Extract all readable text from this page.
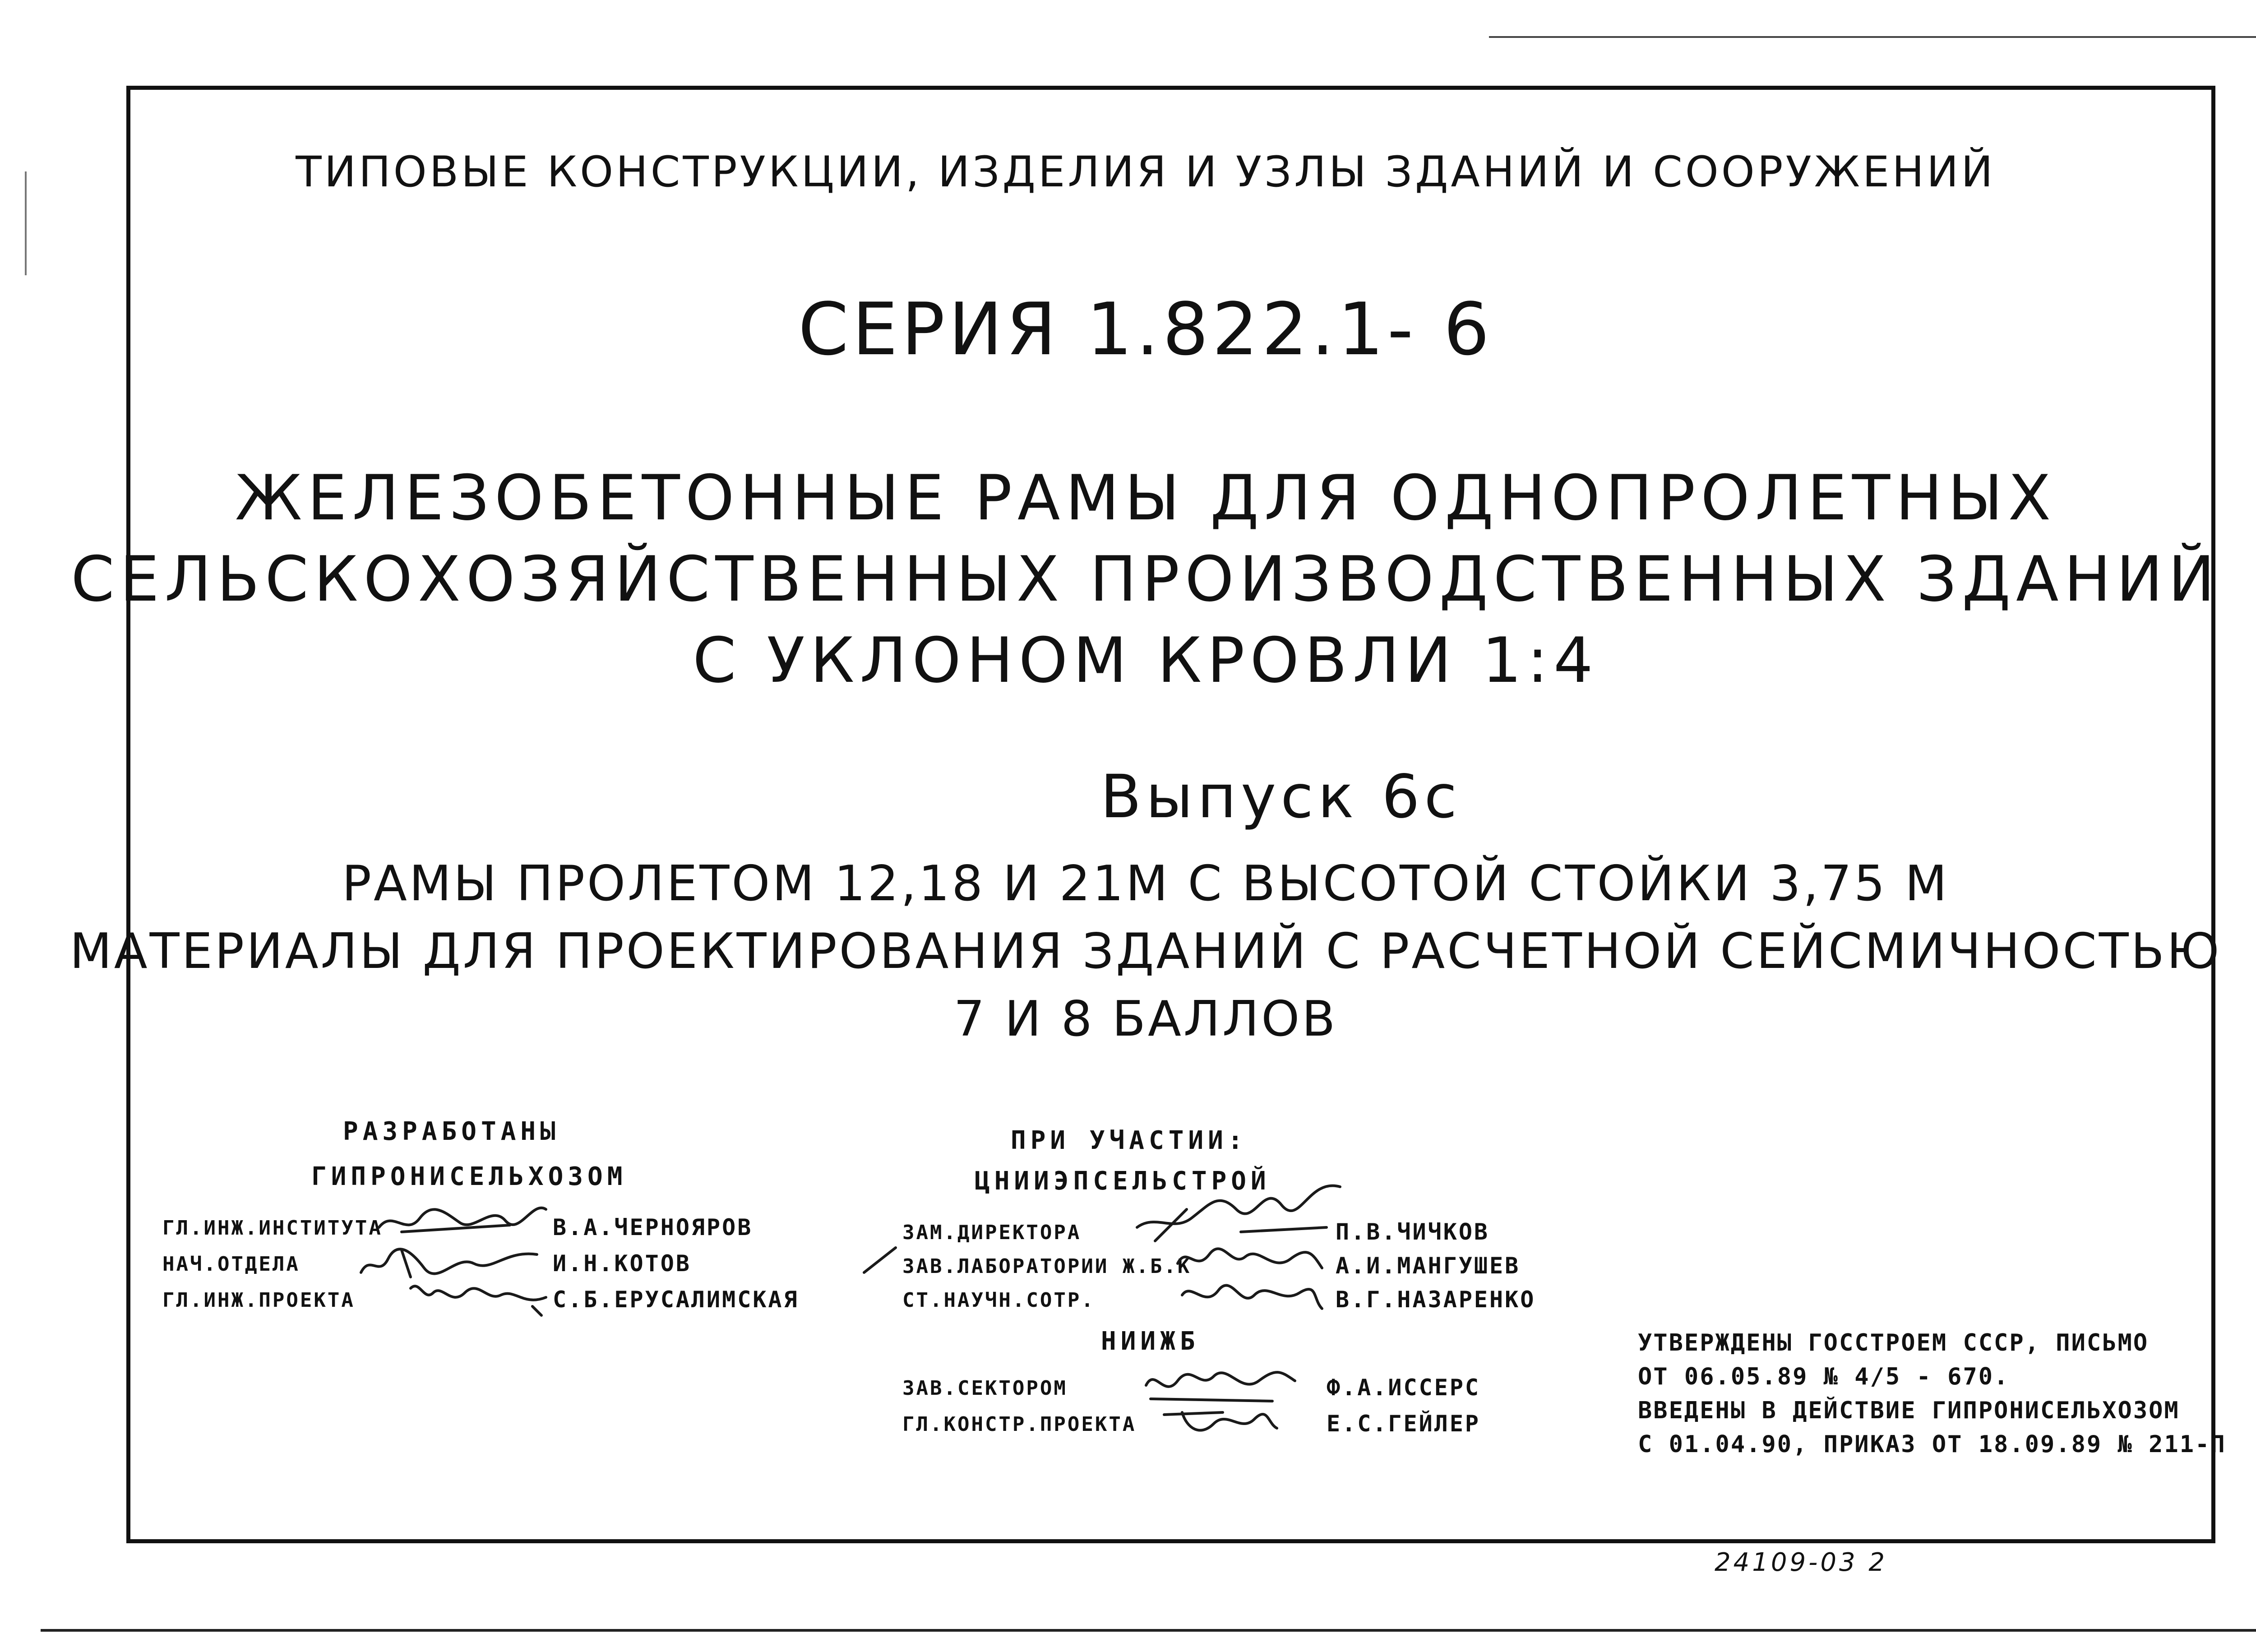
ТИПОВЫЕ КОНСТРУКЦИИ, ИЗДЕЛИЯ И УЗЛЫ ЗДАНИЙ И СООРУЖЕНИЙ
СЕРИЯ 1.822.1- 6
ЖЕЛЕЗОБЕТОННЫЕ РАМЫ ДЛЯ ОДНОПРОЛЕТНЫХ
СЕЛЬСКОХОЗЯЙСТВЕННЫХ ПРОИЗВОДСТВЕННЫХ ЗДАНИЙ
С УКЛОНОМ КРОВЛИ 1:4
Выпуск 6с
РАМЫ ПРОЛЕТОМ 12,18 И 21М С ВЫСОТОЙ СТОЙКИ 3,75 М
МАТЕРИАЛЫ ДЛЯ ПРОЕКТИРОВАНИЯ ЗДАНИЙ С РАСЧЕТНОЙ СЕЙСМИЧНОСТЬЮ
7 И 8 БАЛЛОВ
РАЗРАБОТАНЫ
ГИПРОНИСЕЛЬХОЗОМ
ГЛ.ИНЖ.ИНСТИТУТА	В.А.ЧЕРНОЯРОВ
НАЧ.ОТДЕЛА	И.Н.КОТОВ
ГЛ.ИНЖ.ПРОЕКТА	С.Б.ЕРУСАЛИМСКАЯ
ПРИ УЧАСТИИ:
ЦНИИЭПСЕЛЬСТРОЙ
ЗАМ.ДИРЕКТОРА	П.В.ЧИЧКОВ
ЗАВ.ЛАБОРАТОРИИ Ж.Б.К	А.И.МАНГУШЕВ
СТ.НАУЧН.СОТР.	В.Г.НАЗАРЕНКО
НИИЖБ
ЗАВ.СЕКТОРОМ	Ф.А.ИССЕРС
ГЛ.КОНСТР.ПРОЕКТА	Е.С.ГЕЙЛЕР
УТВЕРЖДЕНЫ ГОССТРОЕМ СССР, ПИСЬМО
ОТ 06.05.89 № 4/5 - 670.
ВВЕДЕНЫ В ДЕЙСТВИЕ ГИПРОНИСЕЛЬХОЗОМ
С 01.04.90, ПРИКАЗ ОТ 18.09.89 № 211-П
24109-03 2
